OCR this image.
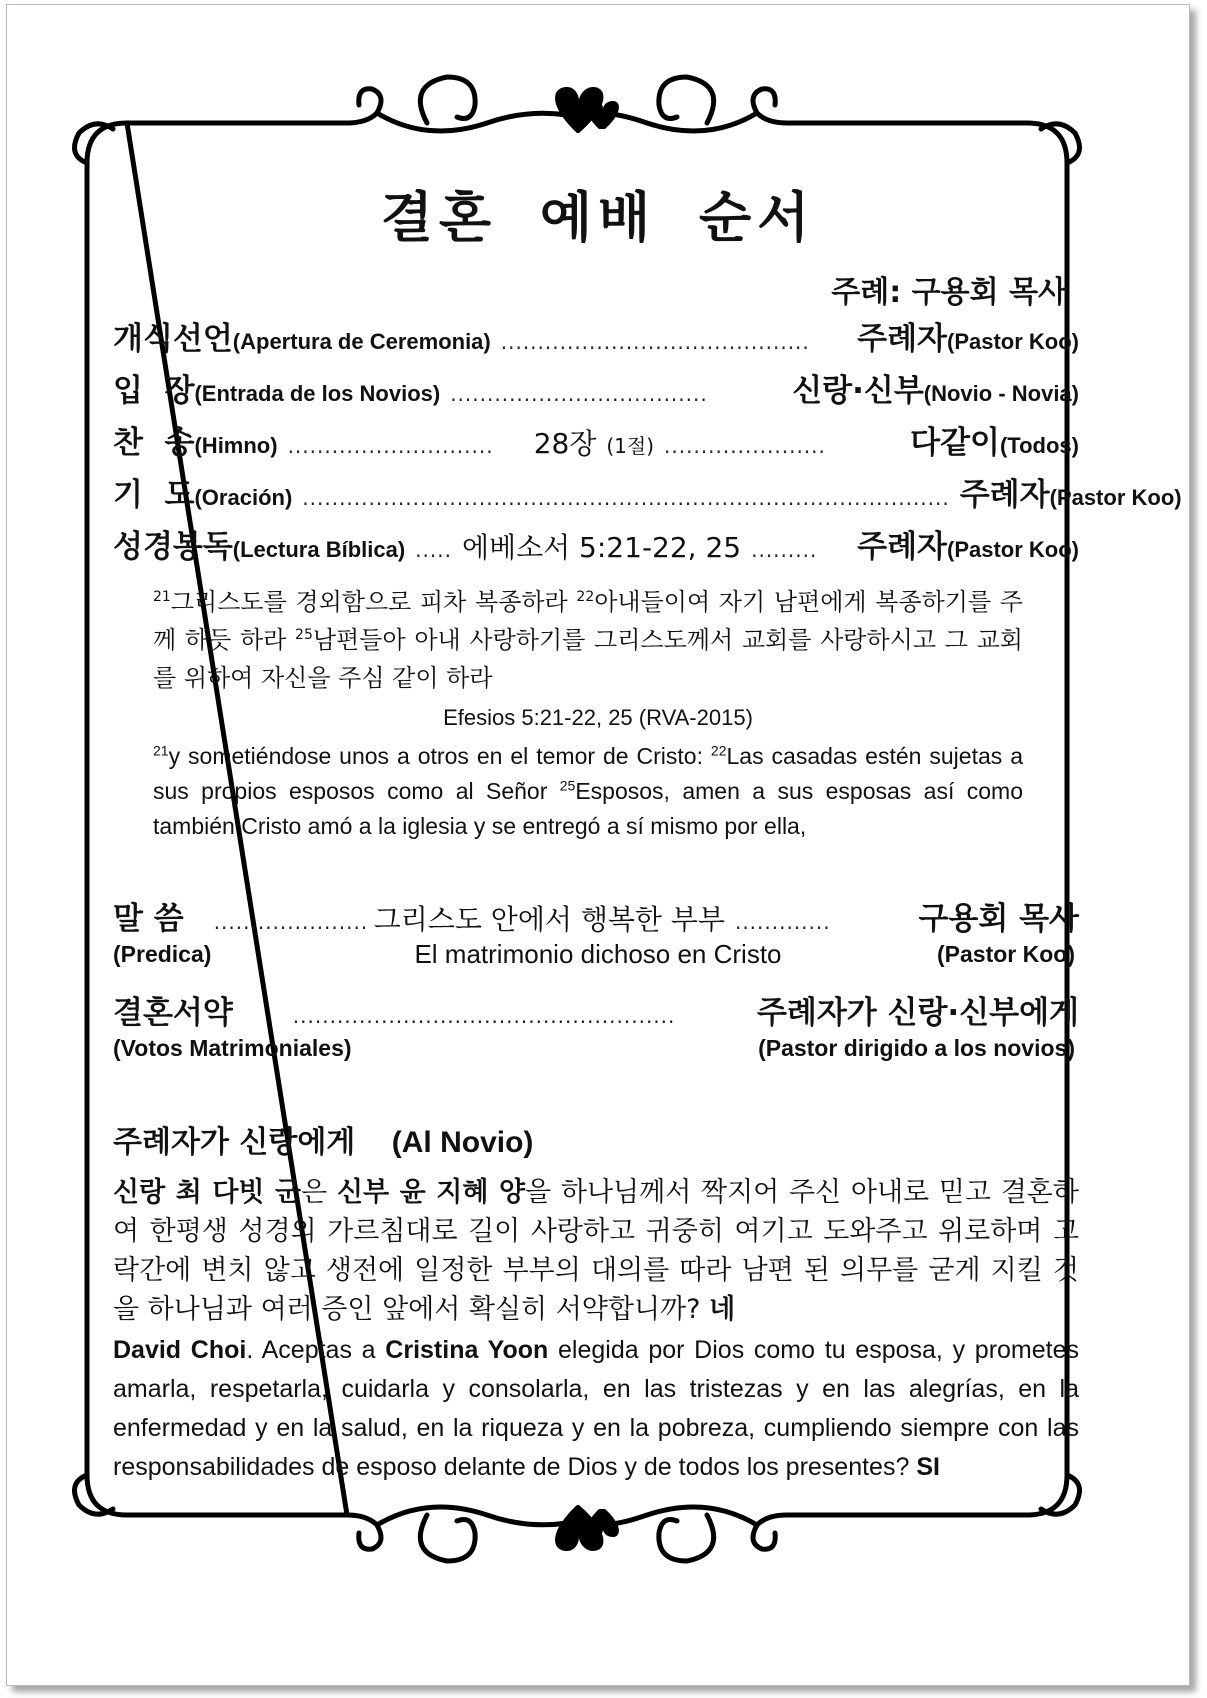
결혼 예배 순서
주례: 구용회 목사
개식선언 (Apertura de Ceremonia) ..........................................	주례자 (Pastor Koo)
입  장 (Entrada de los Novios) ...................................	신랑·신부 (Novio - Novia)
찬  송 (Himno) ............................	28장 (1절) ......................	다같이 (Todos)
기  도 (Oración) ........................................................................................ 주례자 (Pastor Koo)
성경봉독 (Lectura Bíblica) ..... 에베소서 5:21-22, 25 .........	주례자 (Pastor Koo)
$^{21}$그리스도를 경외함으로 피차 복종하라 $^{22}$아내들이여 자기 남편에게 복종하기를 주께 하듯 하라 $^{25}$남편들아 아내 사랑하기를 그리스도께서 교회를 사랑하시고 그 교회를 위하여 자신을 주심 같이 하라
Efesios 5:21-22, 25 (RVA-2015)
$^{21}$y sometiéndose unos a otros en el temor de Cristo: $^{22}$Las casadas estén sujetas a sus propios esposos como al Señor $^{25}$Esposos, amen a sus esposas así como también Cristo amó a la iglesia y se entregó a sí mismo por ella,
말 씀 ..................... 그리스도 안에서 행복한 부부 .............	구용회 목사
(Predica)	El matrimonio dichoso en Cristo	(Pastor Koo)
결혼서약	....................................................	주례자가 신랑·신부에게
(Votos Matrimoniales)	(Pastor dirigido a los novios)
주례자가 신랑에게 (Al Novio)
신랑 최 다빗 군은 신부 윤 지혜 양을 하나님께서 짝지어 주신 아내로 믿고 결혼하여 한평생 성경의 가르침대로 길이 사랑하고 귀중히 여기고 도와주고 위로하며 고락간에 변치 않고 생전에 일정한 부부의 대의를 따라 남편 된 의무를 굳게 지킬 것을 하나님과 여러 증인 앞에서 확실히 서약합니까? 네
David Choi. Aceptas a Cristina Yoon elegida por Dios como tu esposa, y prometes amarla, respetarla, cuidarla y consolarla, en las tristezas y en las alegrías, en la enfermedad y en la salud, en la riqueza y en la pobreza, cumpliendo siempre con las responsabilidades de esposo delante de Dios y de todos los presentes? SI
